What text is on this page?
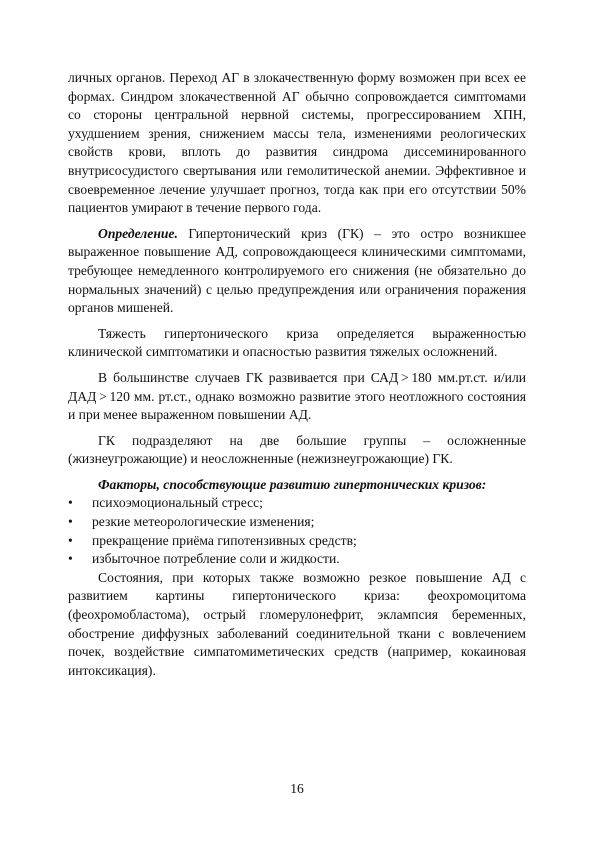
личных органов. Переход АГ в злокачественную форму возможен при всех ее формах. Синдром злокачественной АГ обычно сопровождается симптомами со стороны центральной нервной системы, прогрессированием ХПН, ухудшением зрения, снижением массы тела, изменениями реологических свойств крови, вплоть до развития синдрома диссеминированного внутрисосудистого свертывания или гемолитической анемии. Эффективное и своевременное лечение улучшает прогноз, тогда как при его отсутствии 50% пациентов умирают в течение первого года.

Определение. Гипертонический криз (ГК) – это остро возникшее выраженное повышение АД, сопровождающееся клиническими симптомами, требующее немедленного контролируемого его снижения (не обязательно до нормальных значений) с целью предупреждения или ограничения поражения органов мишеней.

Тяжесть гипертонического криза определяется выраженностью клинической симптоматики и опасностью развития тяжелых осложнений.

В большинстве случаев ГК развивается при САД > 180 мм.рт.ст. и/или ДАД > 120 мм. рт.ст., однако возможно развитие этого неотложного состояния и при менее выраженном повышении АД.

ГК подразделяют на две большие группы – осложненные (жизнеугрожающие) и неосложненные (нежизнеугрожающие) ГК.

Факторы, способствующие развитию гипертонических кризов:

• психоэмоциональный стресс;
• резкие метеорологические изменения;
• прекращение приёма гипотензивных средств;
• избыточное потребление соли и жидкости.

Состояния, при которых также возможно резкое повышение АД с развитием картины гипертонического криза: феохромоцитома (феохромобластома), острый гломерулонефрит, эклампсия беременных, обострение диффузных заболеваний соединительной ткани с вовлечением почек, воздействие симпатомиметических средств (например, кокаиновая интоксикация).

16
